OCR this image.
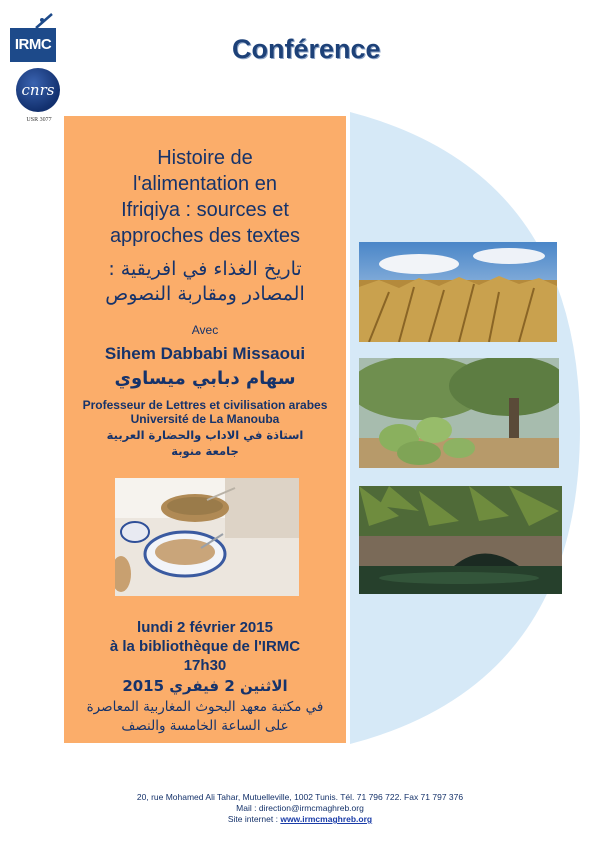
IRMC
cnrs
USR 3077
Conférence
Histoire de
l'alimentation en
Ifriqiya : sources et
approches des textes
تاريخ الغذاء في افريقية :
المصادر ومقاربة النصوص
Avec
Sihem Dabbabi Missaoui
سهام دبابي ميساوي
Professeur de Lettres et civilisation arabes
Université de La Manouba
استاذة في الاداب والحضارة العربية
جامعة منوبة
lundi 2 février 2015
à la bibliothèque de l'IRMC
17h30
الاثنين 2 فيفري 2015
في مكتبة معهد البحوث المغاربية المعاصرة
على الساعة الخامسة والنصف
20, rue Mohamed Ali Tahar, Mutuelleville, 1002 Tunis. Tél. 71 796 722. Fax 71 797 376
Mail : direction@irmcmaghreb.org
Site internet : www.irmcmaghreb.org
